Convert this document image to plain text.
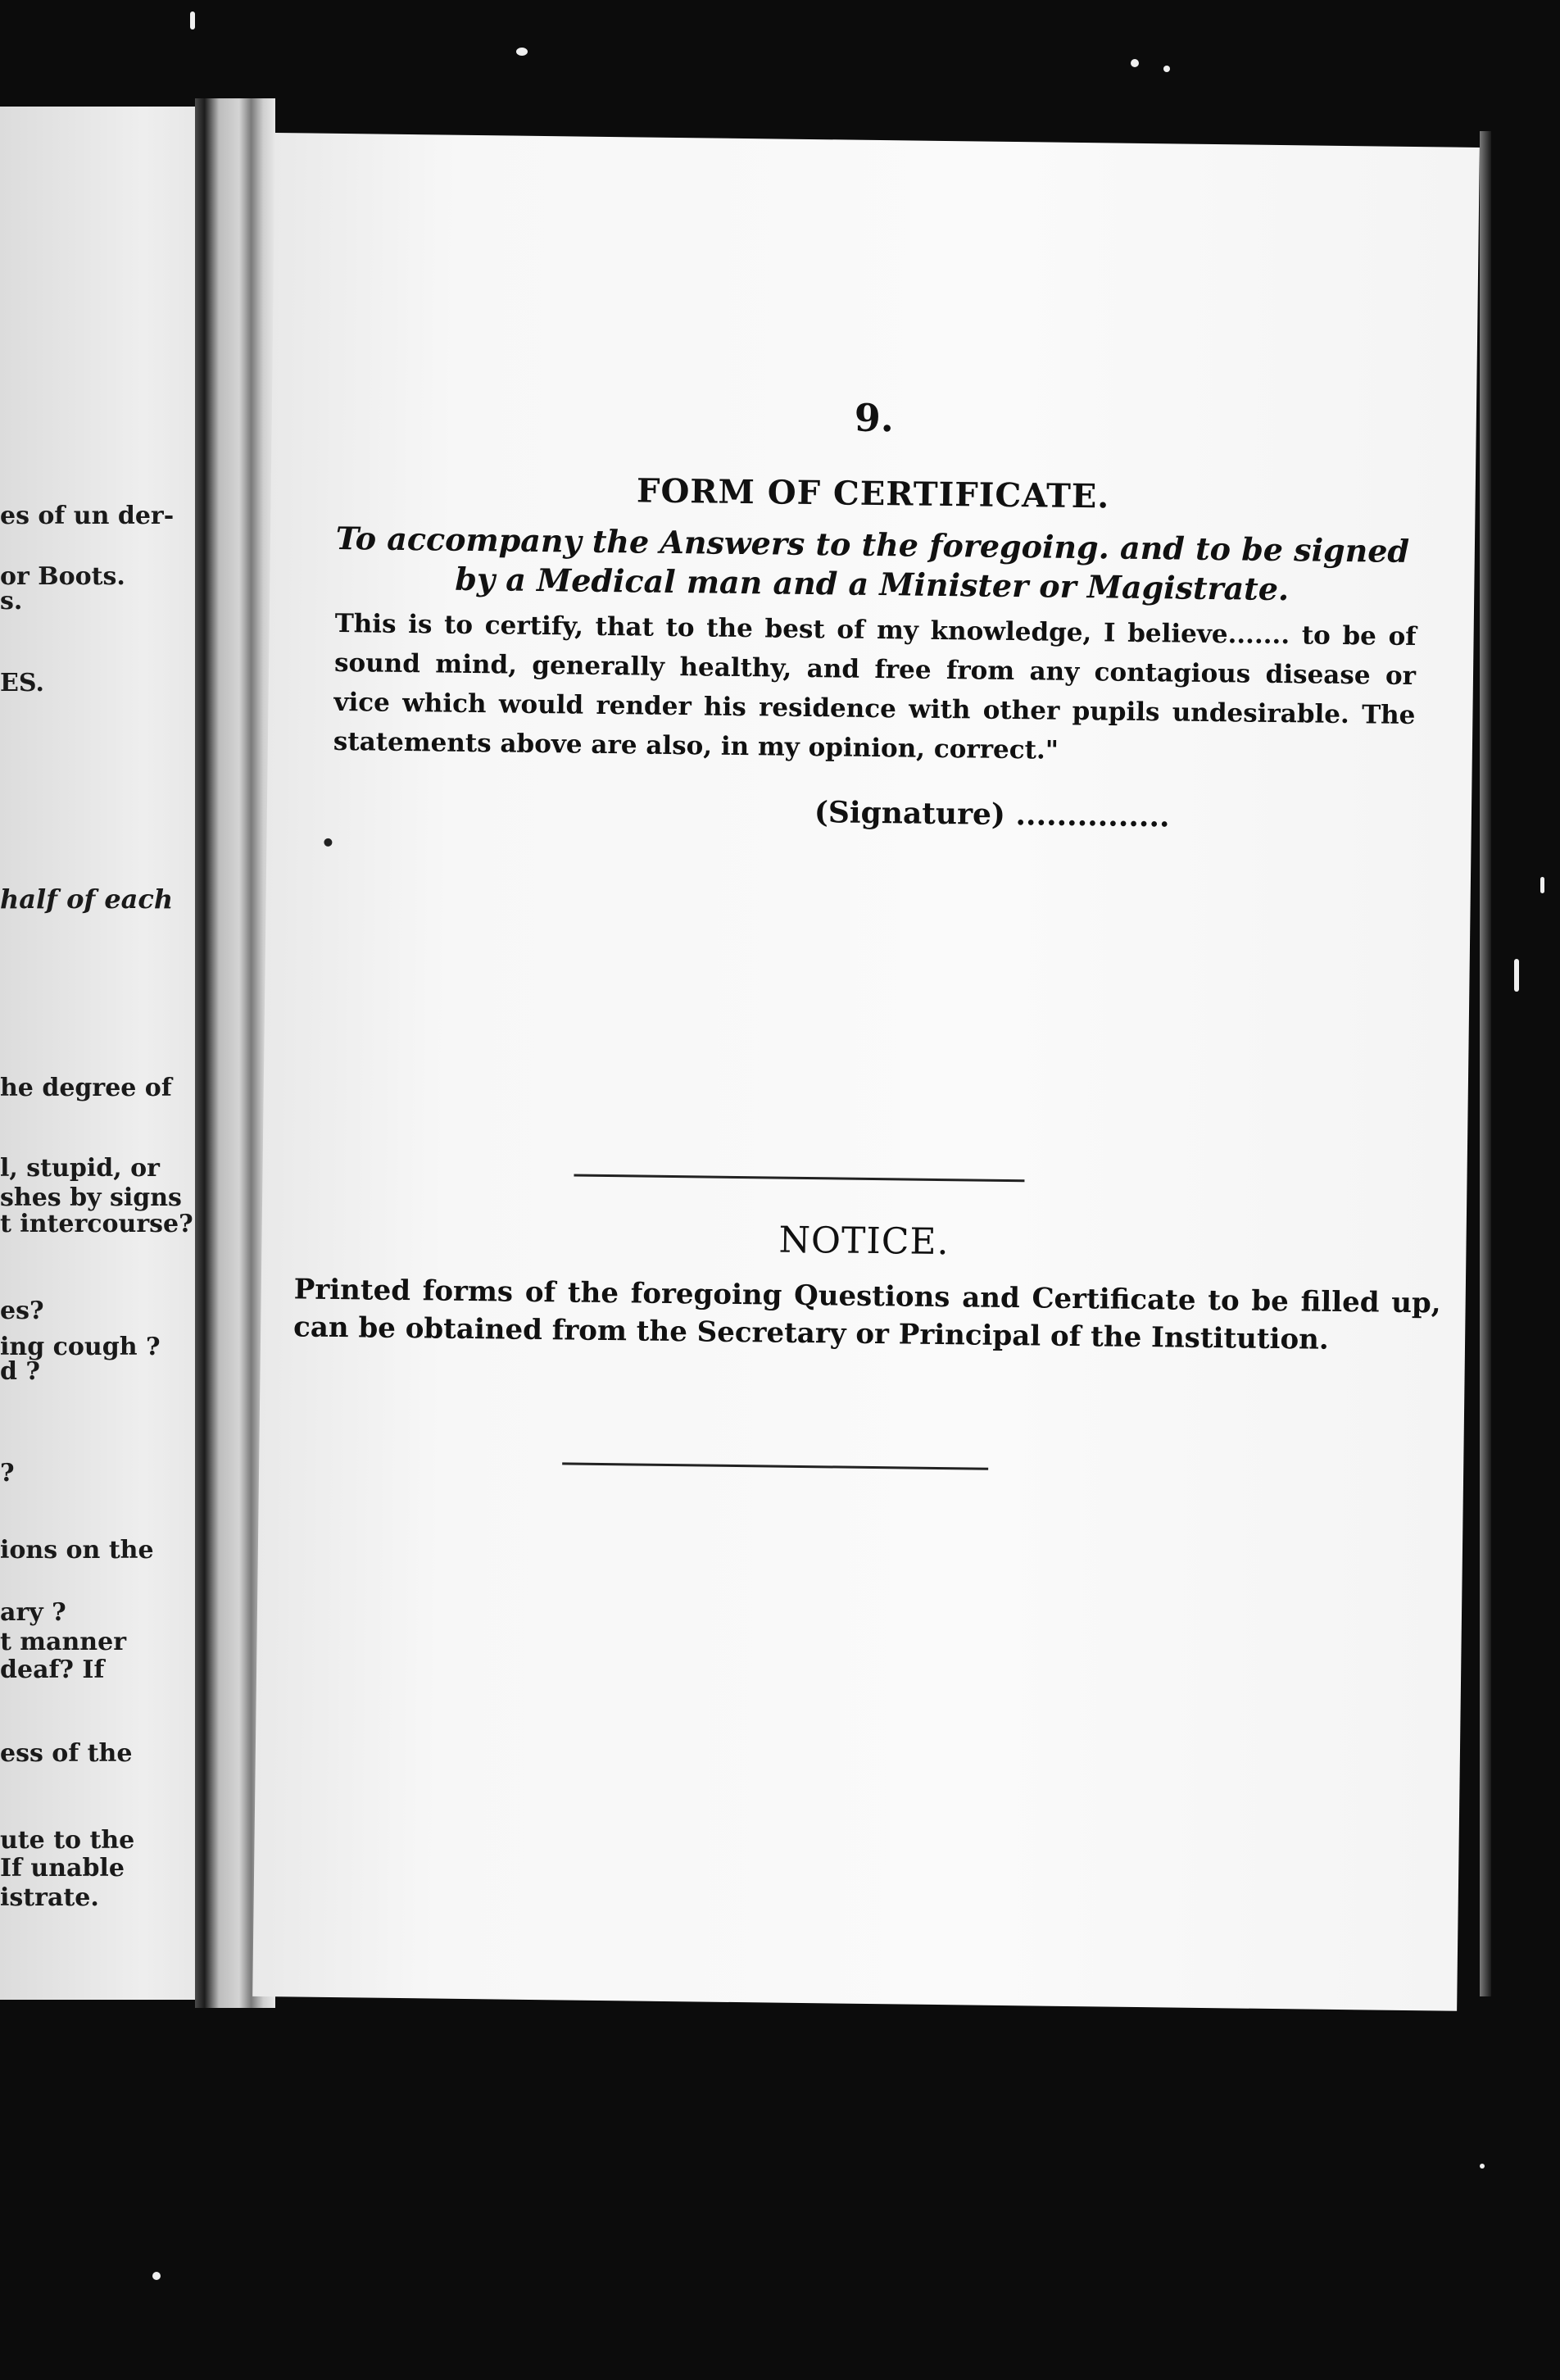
es of un der-
or Boots.
s.
ES.
half of each
he degree of
l, stupid, or
shes by signs
t intercourse?
es?
ing cough ?
d ?
?
ions on the
ary ?
t manner
deaf? If
ess of the
ute to the
If unable
istrate.
9.
FORM OF CERTIFICATE.
To accompany the Answers to the foregoing. and to be signed by a Medical man and a Minister or Magistrate.
This is to certify, that to the best of my knowledge, I believe....... to be of sound mind, generally healthy, and free from any contagious disease or vice which would render his residence with other pupils undesirable. The statements above are also, in my opinion, correct."
(Signature) ...............
NOTICE.
Printed forms of the foregoing Questions and Certificate to be filled up, can be obtained from the Secretary or Principal of the Institution.
